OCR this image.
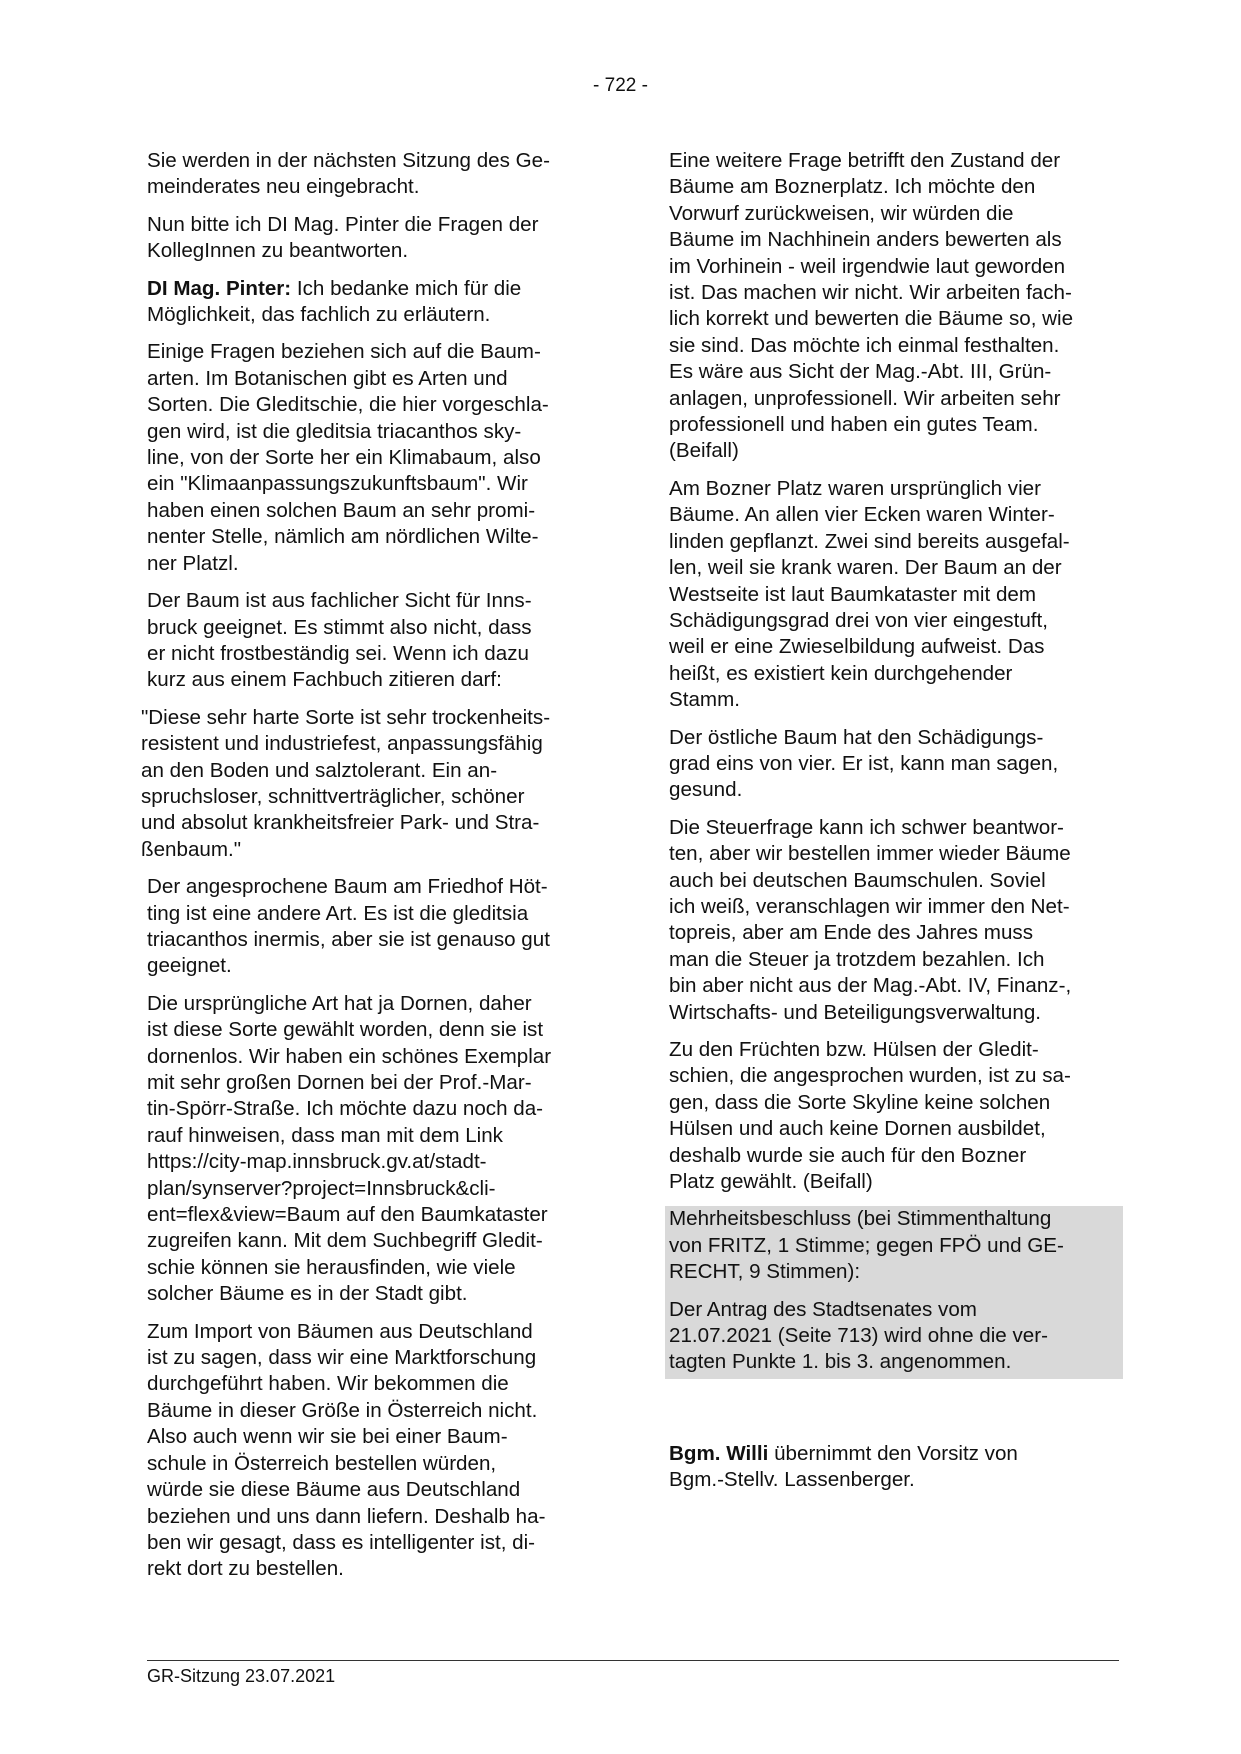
- 722 -

Sie werden in der nächsten Sitzung des Ge-
meinderates neu eingebracht.

Nun bitte ich DI Mag. Pinter die Fragen der
KollegInnen zu beantworten.

DI Mag. Pinter: Ich bedanke mich für die
Möglichkeit, das fachlich zu erläutern.

Einige Fragen beziehen sich auf die Baum-
arten. Im Botanischen gibt es Arten und
Sorten. Die Gleditschie, die hier vorgeschla-
gen wird, ist die gleditsia triacanthos sky-
line, von der Sorte her ein Klimabaum, also
ein "Klimaanpassungszukunftsbaum". Wir
haben einen solchen Baum an sehr promi-
nenter Stelle, nämlich am nördlichen Wilte-
ner Platzl.

Der Baum ist aus fachlicher Sicht für Inns-
bruck geeignet. Es stimmt also nicht, dass
er nicht frostbeständig sei. Wenn ich dazu
kurz aus einem Fachbuch zitieren darf:

"Diese sehr harte Sorte ist sehr trockenheits-
resistent und industriefest, anpassungsfähig
an den Boden und salztolerant. Ein an-
spruchsloser, schnittverträglicher, schöner
und absolut krankheitsfreier Park- und Stra-
ßenbaum."

Der angesprochene Baum am Friedhof Höt-
ting ist eine andere Art. Es ist die gleditsia
triacanthos inermis, aber sie ist genauso gut
geeignet.

Die ursprüngliche Art hat ja Dornen, daher
ist diese Sorte gewählt worden, denn sie ist
dornenlos. Wir haben ein schönes Exemplar
mit sehr großen Dornen bei der Prof.-Mar-
tin-Spörr-Straße. Ich möchte dazu noch da-
rauf hinweisen, dass man mit dem Link
https://city-map.innsbruck.gv.at/stadt-
plan/synserver?project=Innsbruck&cli-
ent=flex&view=Baum auf den Baumkataster
zugreifen kann. Mit dem Suchbegriff Gledit-
schie können sie herausfinden, wie viele
solcher Bäume es in der Stadt gibt.

Zum Import von Bäumen aus Deutschland
ist zu sagen, dass wir eine Marktforschung
durchgeführt haben. Wir bekommen die
Bäume in dieser Größe in Österreich nicht.
Also auch wenn wir sie bei einer Baum-
schule in Österreich bestellen würden,
würde sie diese Bäume aus Deutschland
beziehen und uns dann liefern. Deshalb ha-
ben wir gesagt, dass es intelligenter ist, di-
rekt dort zu bestellen.

Eine weitere Frage betrifft den Zustand der
Bäume am Boznerplatz. Ich möchte den
Vorwurf zurückweisen, wir würden die
Bäume im Nachhinein anders bewerten als
im Vorhinein - weil irgendwie laut geworden
ist. Das machen wir nicht. Wir arbeiten fach-
lich korrekt und bewerten die Bäume so, wie
sie sind. Das möchte ich einmal festhalten.
Es wäre aus Sicht der Mag.-Abt. III, Grün-
anlagen, unprofessionell. Wir arbeiten sehr
professionell und haben ein gutes Team.
(Beifall)

Am Bozner Platz waren ursprünglich vier
Bäume. An allen vier Ecken waren Winter-
linden gepflanzt. Zwei sind bereits ausgefal-
len, weil sie krank waren. Der Baum an der
Westseite ist laut Baumkataster mit dem
Schädigungsgrad drei von vier eingestuft,
weil er eine Zwieselbildung aufweist. Das
heißt, es existiert kein durchgehender
Stamm.

Der östliche Baum hat den Schädigungs-
grad eins von vier. Er ist, kann man sagen,
gesund.

Die Steuerfrage kann ich schwer beantwor-
ten, aber wir bestellen immer wieder Bäume
auch bei deutschen Baumschulen. Soviel
ich weiß, veranschlagen wir immer den Net-
topreis, aber am Ende des Jahres muss
man die Steuer ja trotzdem bezahlen. Ich
bin aber nicht aus der Mag.-Abt. IV, Finanz-,
Wirtschafts- und Beteiligungsverwaltung.

Zu den Früchten bzw. Hülsen der Gledit-
schien, die angesprochen wurden, ist zu sa-
gen, dass die Sorte Skyline keine solchen
Hülsen und auch keine Dornen ausbildet,
deshalb wurde sie auch für den Bozner
Platz gewählt. (Beifall)

Mehrheitsbeschluss (bei Stimmenthaltung
von FRITZ, 1 Stimme; gegen FPÖ und GE-
RECHT, 9 Stimmen):

Der Antrag des Stadtsenates vom
21.07.2021 (Seite 713) wird ohne die ver-
tagten Punkte 1. bis 3. angenommen.

Bgm. Willi übernimmt den Vorsitz von
Bgm.-Stellv. Lassenberger.

GR-Sitzung 23.07.2021
